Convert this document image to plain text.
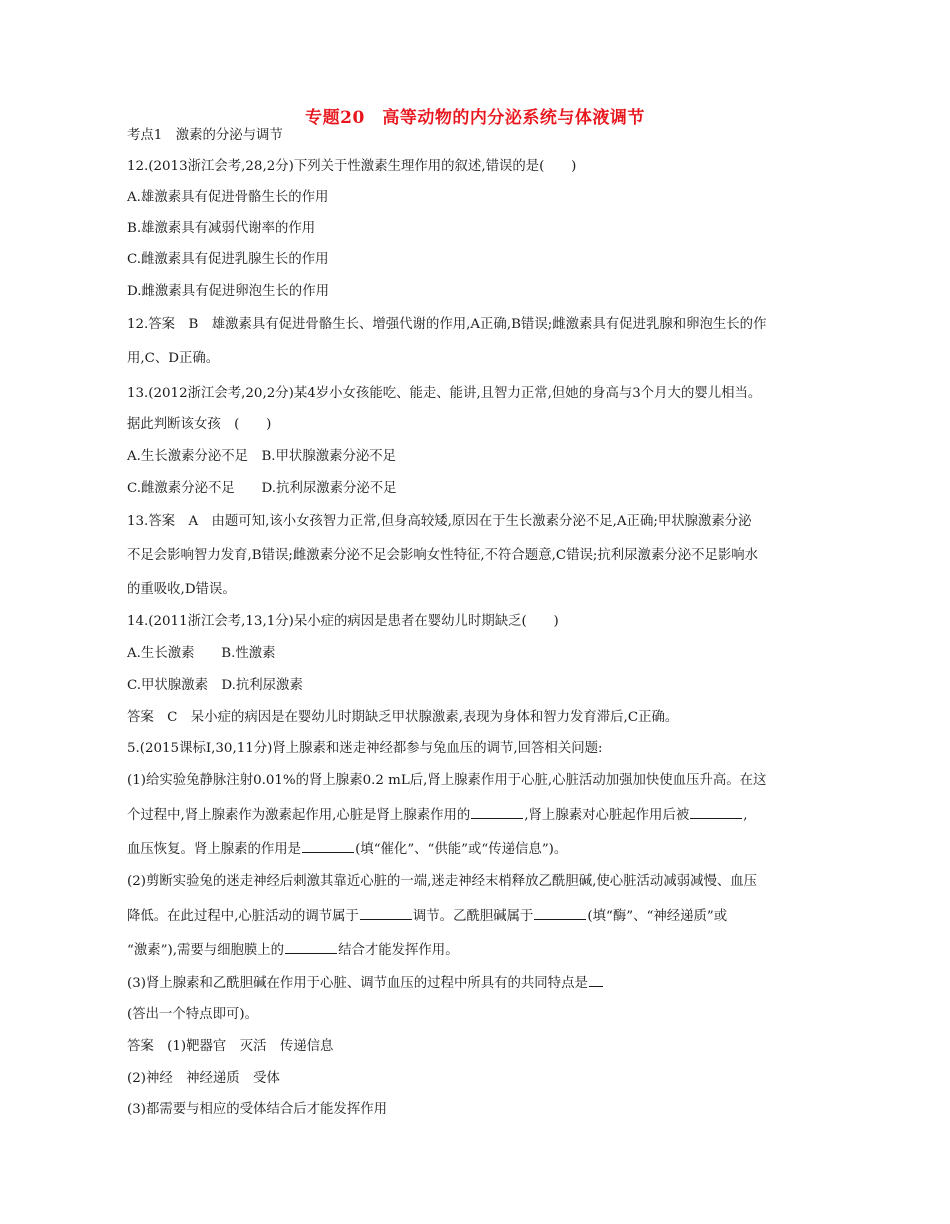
专题20　高等动物的内分泌系统与体液调节
考点1　激素的分泌与调节
12.(2013浙江会考,28,2分)下列关于性激素生理作用的叙述,错误的是(　　)
A.雄激素具有促进骨骼生长的作用
B.雄激素具有减弱代谢率的作用
C.雌激素具有促进乳腺生长的作用
D.雌激素具有促进卵泡生长的作用
12.答案　B　雄激素具有促进骨骼生长、增强代谢的作用,A正确,B错误;雌激素具有促进乳腺和卵泡生长的作
用,C、D正确。
13.(2012浙江会考,20,2分)某4岁小女孩能吃、能走、能讲,且智力正常,但她的身高与3个月大的婴儿相当。
据此判断该女孩　(　　)
A.生长激素分泌不足　B.甲状腺激素分泌不足
C.雌激素分泌不足　　D.抗利尿激素分泌不足
13.答案　A　由题可知,该小女孩智力正常,但身高较矮,原因在于生长激素分泌不足,A正确;甲状腺激素分泌
不足会影响智力发育,B错误;雌激素分泌不足会影响女性特征,不符合题意,C错误;抗利尿激素分泌不足影响水
的重吸收,D错误。
14.(2011浙江会考,13,1分)呆小症的病因是患者在婴幼儿时期缺乏(　　)
A.生长激素　　B.性激素
C.甲状腺激素　D.抗利尿激素
答案　C　呆小症的病因是在婴幼儿时期缺乏甲状腺激素,表现为身体和智力发育滞后,C正确。
5.(2015课标Ⅰ,30,11分)肾上腺素和迷走神经都参与兔血压的调节,回答相关问题:
(1)给实验兔静脉注射0.01%的肾上腺素0.2 mL后,肾上腺素作用于心脏,心脏活动加强加快使血压升高。在这
个过程中,肾上腺素作为激素起作用,心脏是肾上腺素作用的	,肾上腺素对心脏起作用后被	,
血压恢复。肾上腺素的作用是	(填“催化”、“供能”或“传递信息”)。
(2)剪断实验兔的迷走神经后刺激其靠近心脏的一端,迷走神经末梢释放乙酰胆碱,使心脏活动减弱减慢、血压
降低。在此过程中,心脏活动的调节属于	调节。乙酰胆碱属于	(填“酶”、“神经递质”或
“激素”),需要与细胞膜上的	结合才能发挥作用。
(3)肾上腺素和乙酰胆碱在作用于心脏、调节血压的过程中所具有的共同特点是
(答出一个特点即可)。
答案　(1)靶器官　灭活　传递信息
(2)神经　神经递质　受体
(3)都需要与相应的受体结合后才能发挥作用
